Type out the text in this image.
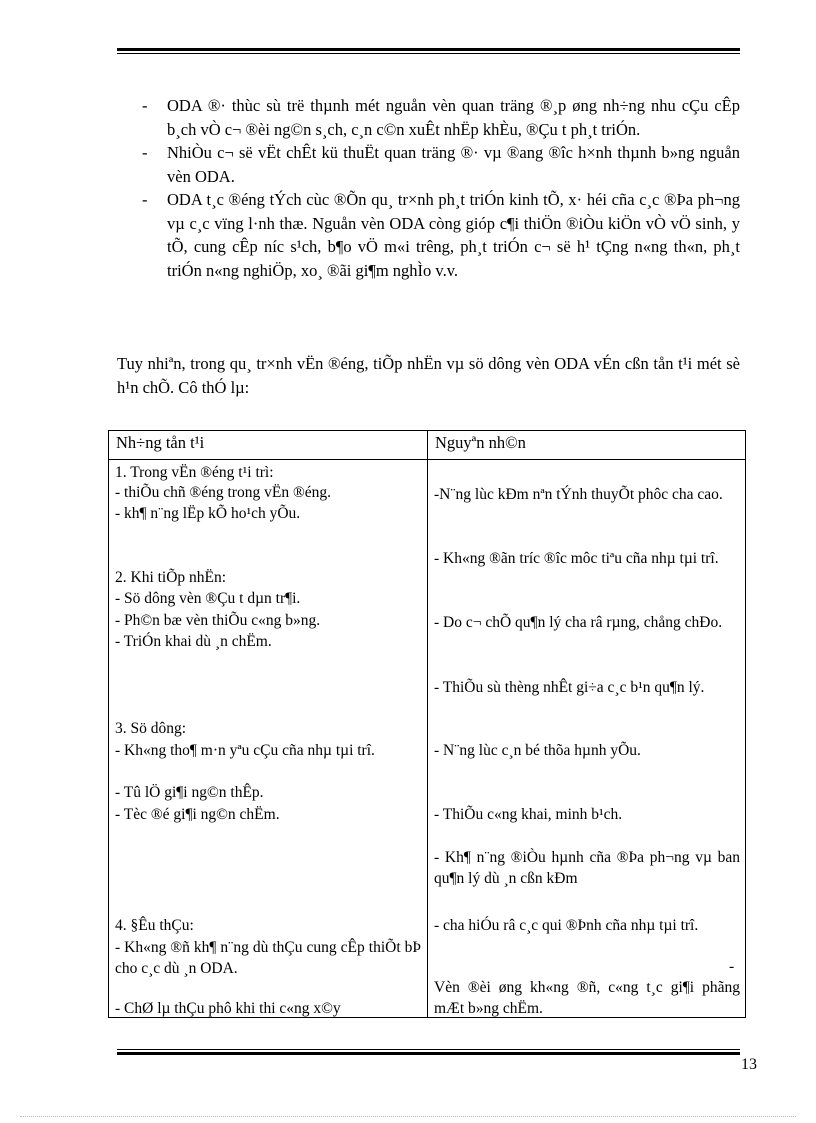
- ODA ®· thùc sù trë thµnh mét nguån vèn quan träng ®¸p øng nh÷ng nhu cÇu cÊp b¸ch vÒ c¬ ®èi ng©n s¸ch, c¸n c©n xuÊt nhËp khÈu, ®Çu t ph¸t triÓn.

- NhiÒu c¬ së vËt chÊt kü thuËt quan träng ®· vµ ®ang ®îc h×nh thµnh b»ng nguån vèn ODA.

- ODA t¸c ®éng tÝch cùc ®Õn qu¸ tr×nh ph¸t triÓn kinh tÕ, x· héi cña c¸c ®Þa ph¬ng vµ c¸c vïng l·nh thæ. Nguån vèn ODA còng gióp c¶i thiÖn ®iÒu kiÖn vÒ vÖ sinh, y tÕ, cung cÊp níc s¹ch, b¶o vÖ m«i trêng, ph¸t triÓn c¬ së h¹ tÇng n«ng th«n, ph¸t triÓn n«ng nghiÖp, xo¸ ®ãi gi¶m nghÌo v.v.

Tuy nhiªn, trong qu¸ tr×nh vËn ®éng, tiÕp nhËn vµ sö dông vèn ODA vÉn cßn tån t¹i mét sè h¹n chÕ. Cô thÓ lµ:
Nh÷ng tån t¹i	Nguyªn nh©n
1. Trong vËn ®éng t¹i trì:
- thiÕu chñ ®éng trong vËn ®éng.
- kh¶ n¨ng lËp kÕ ho¹ch yÕu.
2. Khi tiÕp nhËn:
- Sö dông vèn ®Çu t dµn tr¶i.
- Ph©n bæ vèn thiÕu c«ng b»ng.
- TriÓn khai dù ¸n chËm.
3. Sö dông:
- Kh«ng tho¶ m·n yªu cÇu cña nhµ tµi trî.
- Tû lÖ gi¶i ng©n thÊp.
- Tèc ®é gi¶i ng©n chËm.
4. §Êu thÇu:
- Kh«ng ®ñ kh¶ n¨ng dù thÇu cung cÊp thiÕt bÞ cho c¸c dù ¸n ODA.
- ChØ lµ thÇu phô khi thi c«ng x©y
-N¨ng lùc kÐm nªn tÝnh thuyÕt phôc cha cao.
- Kh«ng ®ãn tríc ®îc môc tiªu cña nhµ tµi trî.
- Do c¬ chÕ qu¶n lý cha râ rµng, chång chÐo.
- ThiÕu sù thèng nhÊt gi÷a c¸c b¹n qu¶n lý.
- N¨ng lùc c¸n bé thõa hµnh yÕu.
- ThiÕu c«ng khai, minh b¹ch.
- Kh¶ n¨ng ®iÒu hµnh cña ®Þa ph¬ng vµ ban qu¶n lý dù ¸n cßn kÐm
- cha hiÓu râ c¸c qui ®Þnh cña nhµ tµi trî.
-
Vèn ®èi øng kh«ng ®ñ, c«ng t¸c gi¶i phãng mÆt b»ng chËm.
13
